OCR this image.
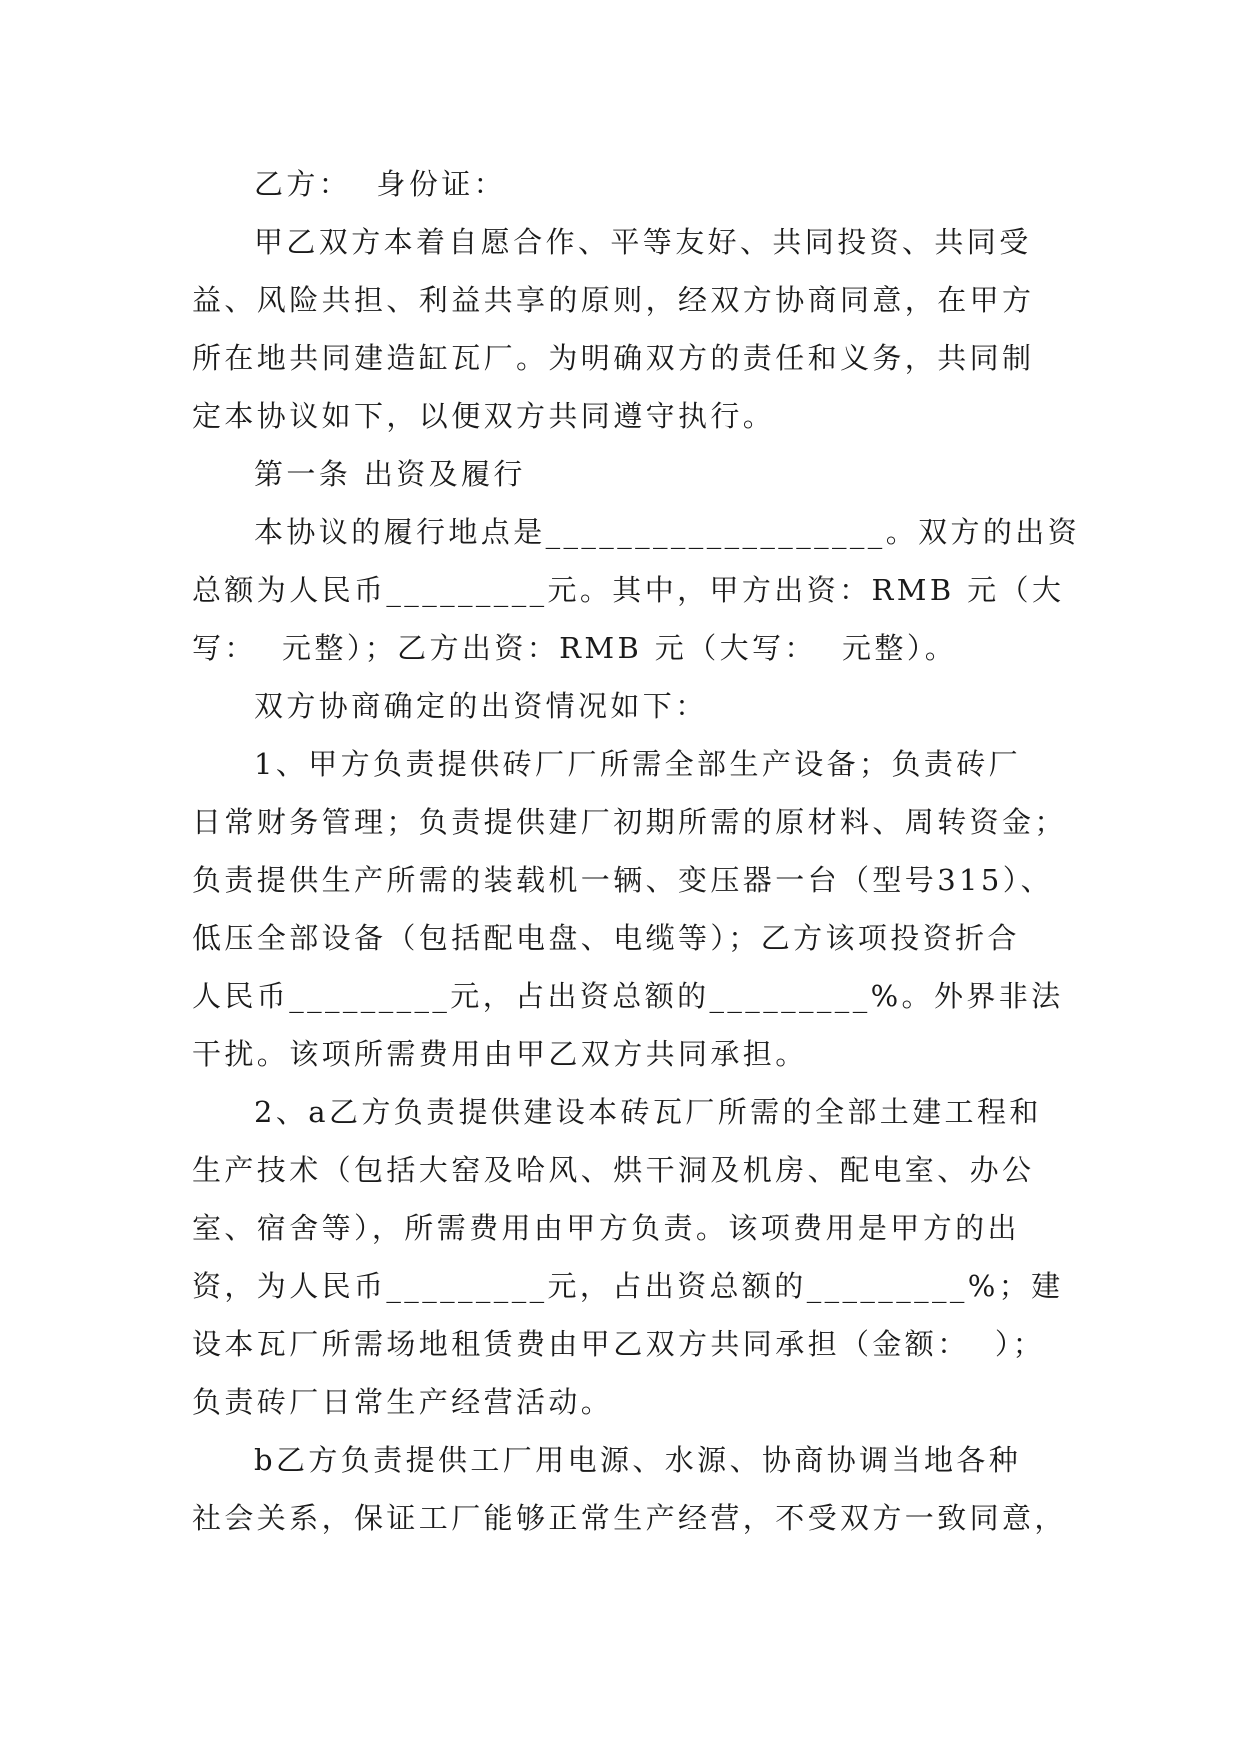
乙方：  身份证：
甲乙双方本着自愿合作、平等友好、共同投资、共同受
益、风险共担、利益共享的原则，经双方协商同意，在甲方
所在地共同建造缸瓦厂。为明确双方的责任和义务，共同制
定本协议如下，以便双方共同遵守执行。
第一条 出资及履行
本协议的履行地点是___________________。双方的出资
总额为人民币_________元。其中，甲方出资：RMB 元（大
写：  元整）；乙方出资：RMB 元（大写：  元整）。
双方协商确定的出资情况如下：
1、甲方负责提供砖厂厂所需全部生产设备；负责砖厂
日常财务管理；负责提供建厂初期所需的原材料、周转资金；
负责提供生产所需的装载机一辆、变压器一台（型号315）、
低压全部设备（包括配电盘、电缆等）；乙方该项投资折合
人民币_________元，占出资总额的_________%。外界非法
干扰。该项所需费用由甲乙双方共同承担。
2、a乙方负责提供建设本砖瓦厂所需的全部土建工程和
生产技术（包括大窑及哈风、烘干洞及机房、配电室、办公
室、宿舍等），所需费用由甲方负责。该项费用是甲方的出
资，为人民币_________元，占出资总额的_________%；建
设本瓦厂所需场地租赁费由甲乙双方共同承担（金额：  ）；
负责砖厂日常生产经营活动。
b乙方负责提供工厂用电源、水源、协商协调当地各种
社会关系，保证工厂能够正常生产经营，不受双方一致同意，
